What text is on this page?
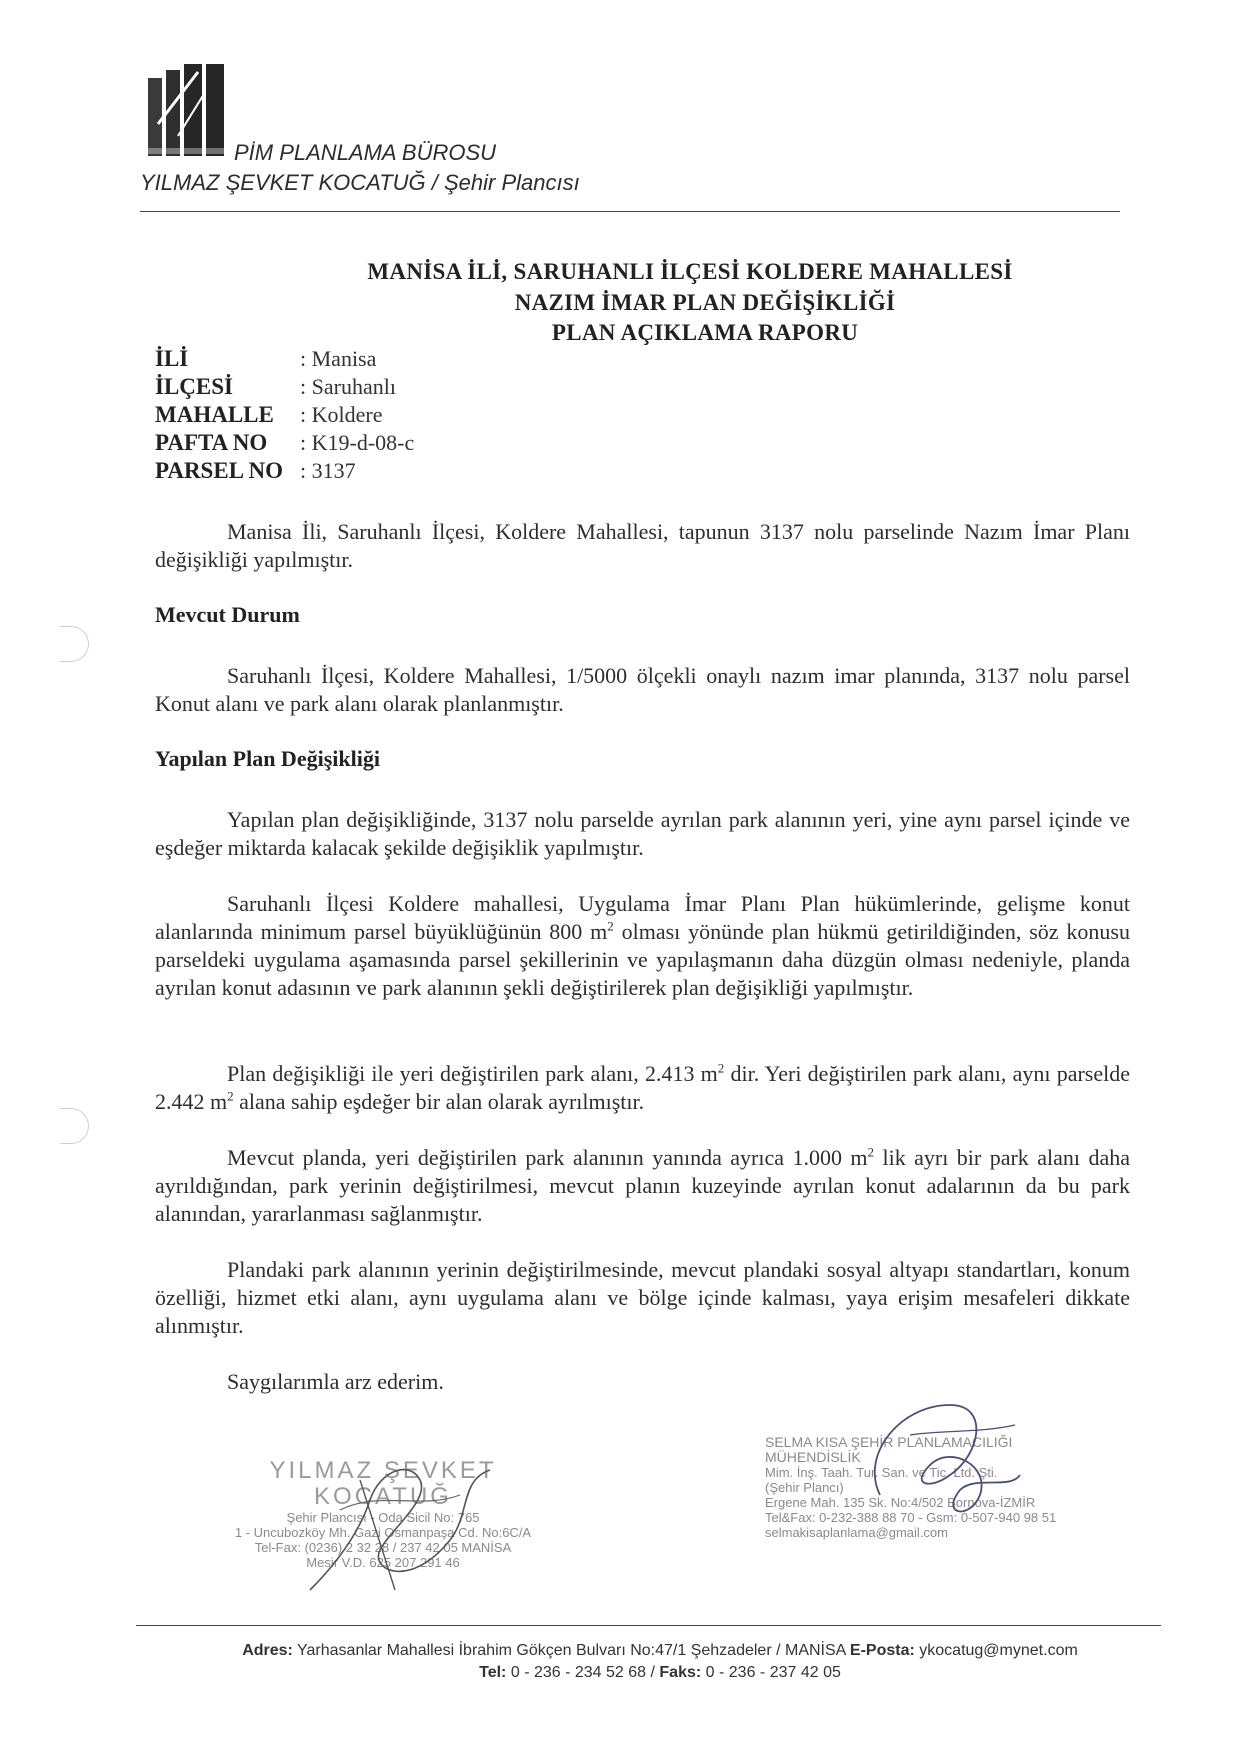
PİM PLANLAMA BÜROSU
YILMAZ ŞEVKET KOCATUĞ / Şehir Plancısı
MANİSA İLİ, SARUHANLI İLÇESİ KOLDERE MAHALLESİ
NAZIM İMAR PLAN DEĞİŞİKLİĞİ
PLAN AÇIKLAMA RAPORU
İLİ	: Manisa
İLÇESİ	: Saruhanlı
MAHALLE	: Koldere
PAFTA NO	: K19-d-08-c
PARSEL NO : 3137
Manisa İli, Saruhanlı İlçesi, Koldere Mahallesi, tapunun 3137 nolu parselinde Nazım İmar Planı değişikliği yapılmıştır.
Mevcut Durum
Saruhanlı İlçesi, Koldere Mahallesi, 1/5000 ölçekli onaylı nazım imar planında, 3137 nolu parsel Konut alanı ve park alanı olarak planlanmıştır.
Yapılan Plan Değişikliği
Yapılan plan değişikliğinde, 3137 nolu parselde ayrılan park alanının yeri, yine aynı parsel içinde ve eşdeğer miktarda kalacak şekilde değişiklik yapılmıştır.
Saruhanlı İlçesi Koldere mahallesi, Uygulama İmar Planı Plan hükümlerinde, gelişme konut alanlarında minimum parsel büyüklüğünün 800 $m^2$ olması yönünde plan hükmü getirildiğinden, söz konusu parseldeki uygulama aşamasında parsel şekillerinin ve yapılaşmanın daha düzgün olması nedeniyle, planda ayrılan konut adasının ve park alanının şekli değiştirilerek plan değişikliği yapılmıştır.
Plan değişikliği ile yeri değiştirilen park alanı, 2.413 $m^2$ dir. Yeri değiştirilen park alanı, aynı parselde 2.442 $m^2$ alana sahip eşdeğer bir alan olarak ayrılmıştır.
Mevcut planda, yeri değiştirilen park alanının yanında ayrıca 1.000 $m^2$ lik ayrı bir park alanı daha ayrıldığından, park yerinin değiştirilmesi, mevcut planın kuzeyinde ayrılan konut adalarının da bu park alanından, yararlanması sağlanmıştır.
Plandaki park alanının yerinin değiştirilmesinde, mevcut plandaki sosyal altyapı standartları, konum özelliği, hizmet etki alanı, aynı uygulama alanı ve bölge içinde kalması, yaya erişim mesafeleri dikkate alınmıştır.
Saygılarımla arz ederim.
YILMAZ ŞEVKET KOCATUĞ
Şehir Plancısı - Oda Sicil No: 765
1 - Uncubozköy Mh. Gazi Osmanpaşa Cd. No:6C/A
Tel-Fax: (0236) 2 32 28 / 237 42 05 MANİSA
Mesir V.D. 625 207 291 46
SELMA KISA ŞEHİR PLANLAMACILIĞI MÜHENDİSLİK
Mim. İnş. Taah. Tur. San. ve Tic. Ltd. Şti.
(Şehir Plancı)
Ergene Mah. 135 Sk. No:4/502 Bornova-İZMİR
Tel&Fax: 0-232-388 88 70 - Gsm: 0-507-940 98 51
selmakisaplanlama@gmail.com
Adres: Yarhasanlar Mahallesi İbrahim Gökçen Bulvarı No:47/1 Şehzadeler / MANİSA E-Posta: ykocatug@mynet.com
Tel: 0 - 236 - 234 52 68 / Faks: 0 - 236 - 237 42 05
